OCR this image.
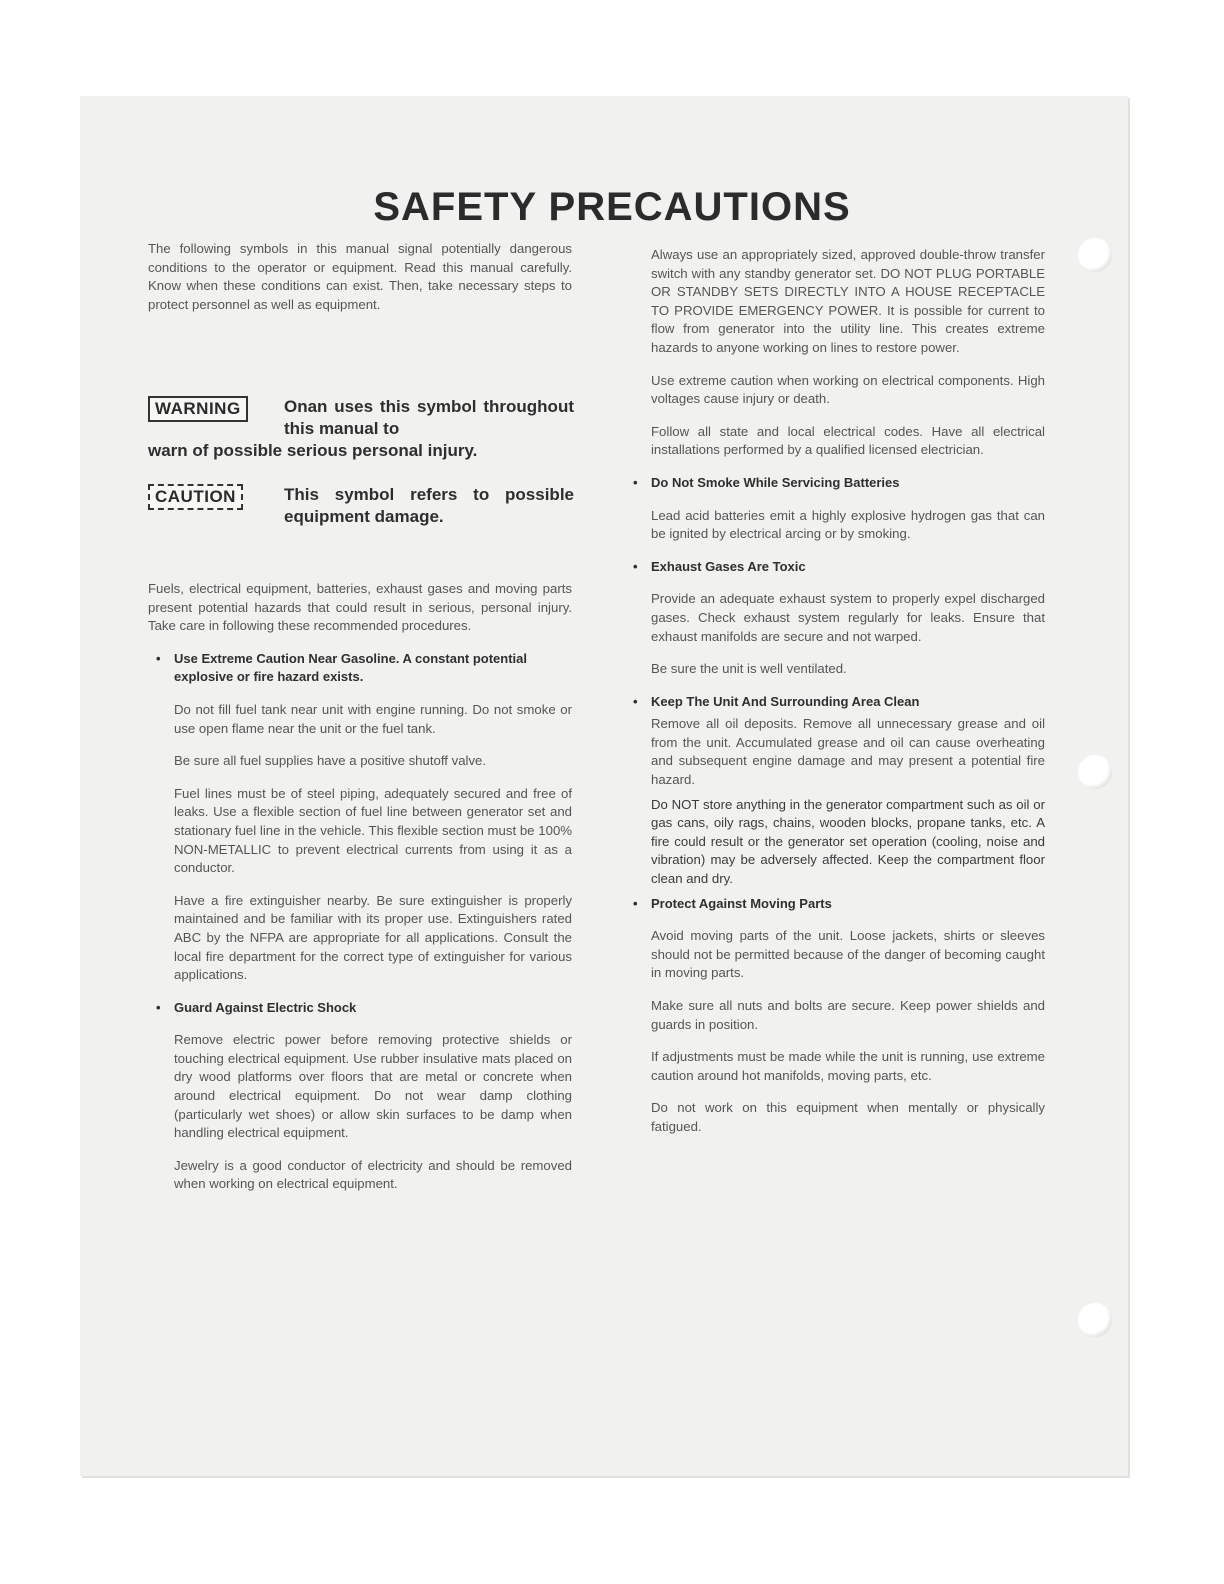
SAFETY PRECAUTIONS

The following symbols in this manual signal potentially dangerous conditions to the operator or equipment. Read this manual carefully. Know when these conditions can exist. Then, take necessary steps to protect personnel as well as equipment.

WARNING	Onan uses this symbol throughout this manual to
warn of possible serious personal injury.
CAUTION	This symbol refers to possible equipment damage.

Fuels, electrical equipment, batteries, exhaust gases and moving parts present potential hazards that could result in serious, personal injury. Take care in following these recommended procedures.

• Use Extreme Caution Near Gasoline. A constant potential explosive or fire hazard exists.

Do not fill fuel tank near unit with engine running. Do not smoke or use open flame near the unit or the fuel tank.

Be sure all fuel supplies have a positive shutoff valve.

Fuel lines must be of steel piping, adequately secured and free of leaks. Use a flexible section of fuel line between generator set and stationary fuel line in the vehicle. This flexible section must be 100% NON-METALLIC to prevent electrical currents from using it as a conductor.

Have a fire extinguisher nearby. Be sure extinguisher is properly maintained and be familiar with its proper use. Extinguishers rated ABC by the NFPA are appropriate for all applications. Consult the local fire department for the correct type of extinguisher for various applications.

• Guard Against Electric Shock

Remove electric power before removing protective shields or touching electrical equipment. Use rubber insulative mats placed on dry wood platforms over floors that are metal or concrete when around electrical equipment. Do not wear damp clothing (particularly wet shoes) or allow skin surfaces to be damp when handling electrical equipment.

Jewelry is a good conductor of electricity and should be removed when working on electrical equipment.

Always use an appropriately sized, approved double-throw transfer switch with any standby generator set. DO NOT PLUG PORTABLE OR STANDBY SETS DIRECTLY INTO A HOUSE RECEPTACLE TO PROVIDE EMERGENCY POWER. It is possible for current to flow from generator into the utility line. This creates extreme hazards to anyone working on lines to restore power.

Use extreme caution when working on electrical components. High voltages cause injury or death.

Follow all state and local electrical codes. Have all electrical installations performed by a qualified licensed electrician.

• Do Not Smoke While Servicing Batteries

Lead acid batteries emit a highly explosive hydrogen gas that can be ignited by electrical arcing or by smoking.

• Exhaust Gases Are Toxic

Provide an adequate exhaust system to properly expel discharged gases. Check exhaust system regularly for leaks. Ensure that exhaust manifolds are secure and not warped.

Be sure the unit is well ventilated.

• Keep The Unit And Surrounding Area Clean

Remove all oil deposits. Remove all unnecessary grease and oil from the unit. Accumulated grease and oil can cause overheating and subsequent engine damage and may present a potential fire hazard.

Do NOT store anything in the generator compartment such as oil or gas cans, oily rags, chains, wooden blocks, propane tanks, etc. A fire could result or the generator set operation (cooling, noise and vibration) may be adversely affected. Keep the compartment floor clean and dry.

• Protect Against Moving Parts

Avoid moving parts of the unit. Loose jackets, shirts or sleeves should not be permitted because of the danger of becoming caught in moving parts.

Make sure all nuts and bolts are secure. Keep power shields and guards in position.

If adjustments must be made while the unit is running, use extreme caution around hot manifolds, moving parts, etc.

Do not work on this equipment when mentally or physically fatigued.
